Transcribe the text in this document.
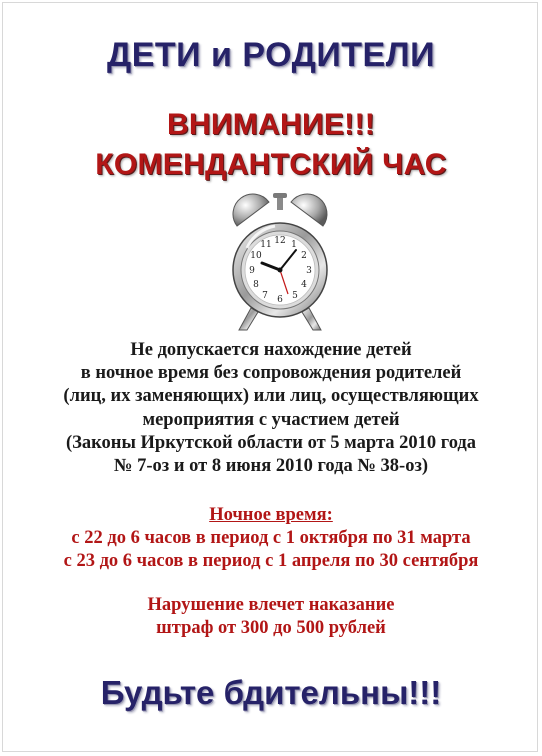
ДЕТИ и РОДИТЕЛИ
ВНИМАНИЕ!!!
КОМЕНДАНТСКИЙ ЧАС
12 1
2
3
4
5
6
7
8
9
10
11
Не допускается нахождение детей
в ночное время без сопровождения родителей
(лиц, их заменяющих) или лиц, осуществляющих
мероприятия с участием детей
(Законы Иркутской области от 5 марта 2010 года
№ 7-оз и от 8 июня 2010 года № 38-оз)
Ночное время:
с 22 до 6 часов в период с 1 октября по 31 марта
с 23 до 6 часов в период с 1 апреля по 30 сентября
Нарушение влечет наказание
штраф от 300 до 500 рублей
Будьте бдительны!!!
